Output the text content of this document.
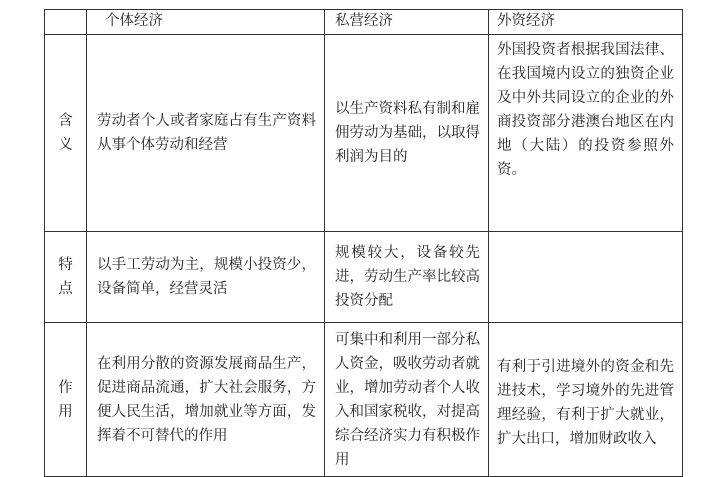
	个体经济	私营经济	外资经济

含
义	劳动者个人或者家庭占有生产资料从事个体劳动和经营	以生产资料私有制和雇佣劳动为基础，以取得利润为目的	外国投资者根据我国法律、在我国境内设立的独资企业及中外共同设立的企业的外商投资部分港澳台地区在内地（大陆）的投资参照外资。

特
点	以手工劳动为主，规模小投资少，设备简单，经营灵活	规模较大，设备较先进，劳动生产率比较高 投资分配	

作
用	在利用分散的资源发展商品生产，促进商品流通，扩大社会服务，方便人民生活，增加就业等方面，发挥着不可替代的作用	可集中和利用一部分私人资金，吸收劳动者就业，增加劳动者个人收入和国家税收，对提高综合经济实力有积极作用	有利于引进境外的资金和先进技术，学习境外的先进管理经验，有利于扩大就业，扩大出口，增加财政收入
